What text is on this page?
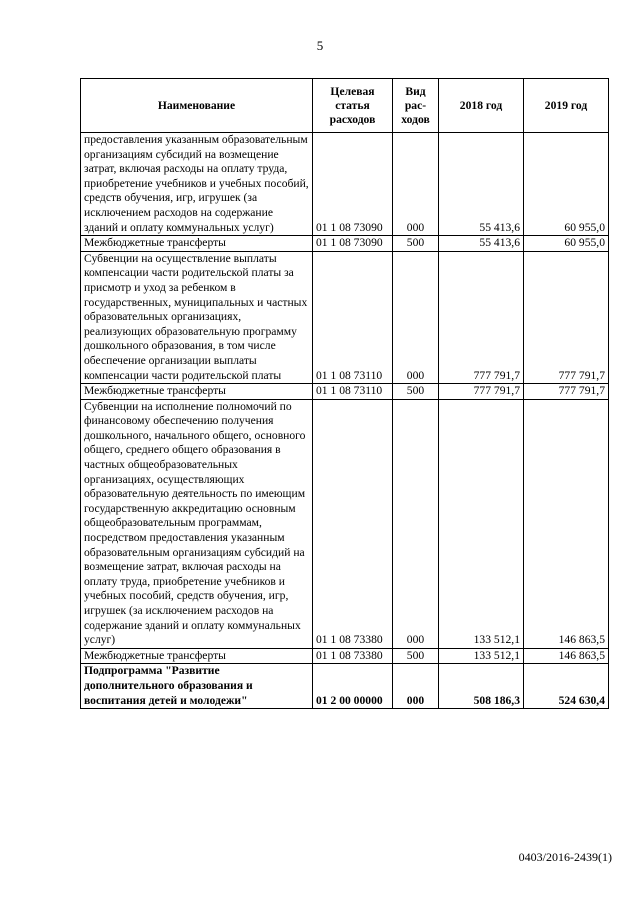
5
Наименование	Целевая статья расходов	Вид рас-ходов	2018 год	2019 год
предоставления указанным образовательным организациям субсидий на возмещение затрат, включая расходы на оплату труда, приобретение учебников и учебных пособий, средств обучения, игр, игрушек (за исключением расходов на содержание зданий и оплату коммунальных услуг)	01 1 08 73090	000	55 413,6	60 955,0
Межбюджетные трансферты	01 1 08 73090	500	55 413,6	60 955,0
Субвенции на осуществление выплаты компенсации части родительской платы за присмотр и уход за ребенком в государственных, муниципальных и частных образовательных организациях, реализующих образовательную программу дошкольного образования, в том числе обеспечение организации выплаты компенсации части родительской платы	01 1 08 73110	000	777 791,7	777 791,7
Межбюджетные трансферты	01 1 08 73110	500	777 791,7	777 791,7
Субвенции на исполнение полномочий по финансовому обеспечению получения дошкольного, начального общего, основного общего, среднего общего образования в частных общеобразовательных организациях, осуществляющих образовательную деятельность по имеющим государственную аккредитацию основным общеобразовательным программам, посредством предоставления указанным образовательным организациям субсидий на возмещение затрат, включая расходы на оплату труда, приобретение учебников и учебных пособий, средств обучения, игр, игрушек (за исключением расходов на содержание зданий и оплату коммунальных услуг)	01 1 08 73380	000	133 512,1	146 863,5
Межбюджетные трансферты	01 1 08 73380	500	133 512,1	146 863,5
Подпрограмма "Развитие дополнительного образования и воспитания детей и молодежи"	01 2 00 00000	000	508 186,3	524 630,4
0403/2016-2439(1)
